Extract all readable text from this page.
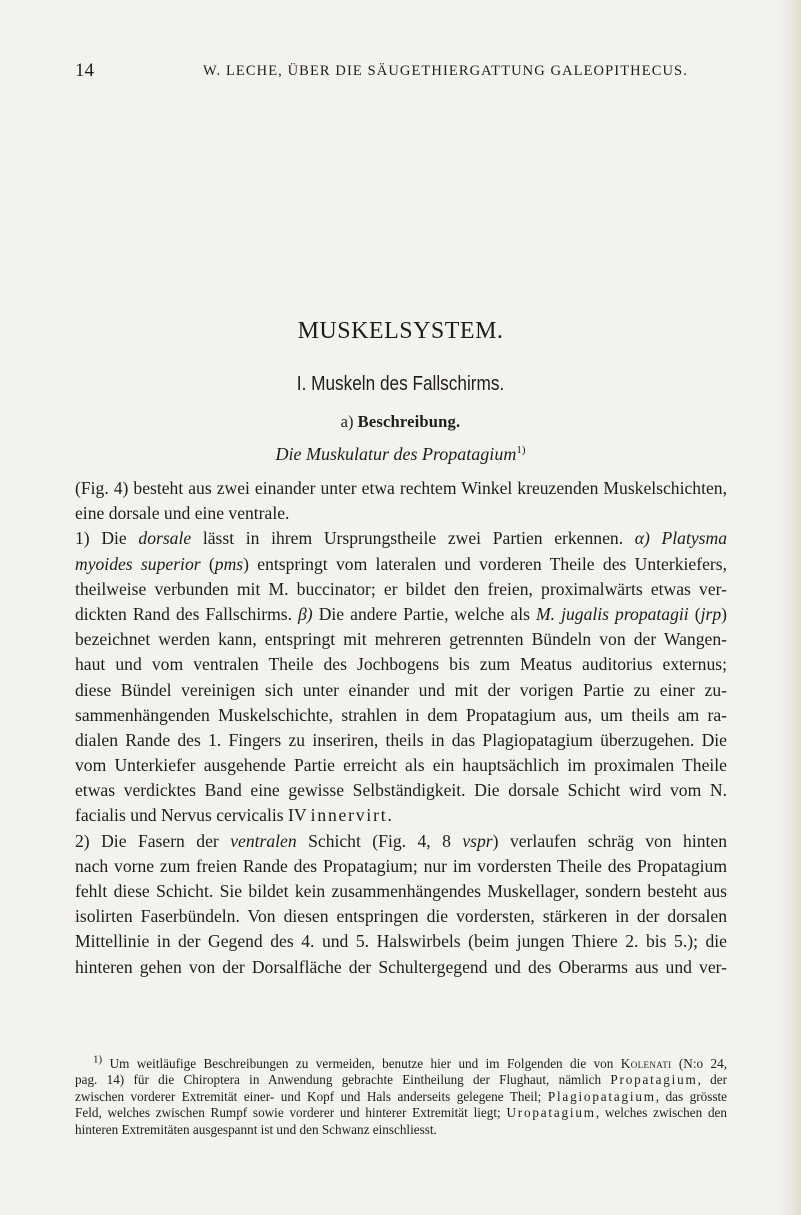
14	W. LECHE, ÜBER DIE SÄUGETHIERGATTUNG GALEOPITHECUS.
MUSKELSYSTEM.
I. Muskeln des Fallschirms.
a) Beschreibung.
Die Muskulatur des Propatagium$^{1)}$
(Fig. 4) besteht aus zwei einander unter etwa rechtem Winkel kreuzenden Muskelschichten,
eine dorsale und eine ventrale.
1) Die dorsale lässt in ihrem Ursprungstheile zwei Partien erkennen. α) Platysma
myoides superior (pms) entspringt vom lateralen und vorderen Theile des Unterkiefers,
theilweise verbunden mit M. buccinator; er bildet den freien, proximalwärts etwas ver-
dickten Rand des Fallschirms. β) Die andere Partie, welche als M. jugalis propatagii (jrp)
bezeichnet werden kann, entspringt mit mehreren getrennten Bündeln von der Wangen-
haut und vom ventralen Theile des Jochbogens bis zum Meatus auditorius externus;
diese Bündel vereinigen sich unter einander und mit der vorigen Partie zu einer zu-
sammenhängenden Muskelschichte, strahlen in dem Propatagium aus, um theils am ra-
dialen Rande des 1. Fingers zu inseriren, theils in das Plagiopatagium überzugehen. Die
vom Unterkiefer ausgehende Partie erreicht als ein hauptsächlich im proximalen Theile
etwas verdicktes Band eine gewisse Selbständigkeit. Die dorsale Schicht wird vom N.
facialis und Nervus cervicalis IV innervirt.
2) Die Fasern der ventralen Schicht (Fig. 4, 8 vspr) verlaufen schräg von hinten
nach vorne zum freien Rande des Propatagium; nur im vordersten Theile des Propatagium
fehlt diese Schicht. Sie bildet kein zusammenhängendes Muskellager, sondern besteht aus
isolirten Faserbündeln. Von diesen entspringen die vordersten, stärkeren in der dorsalen
Mittellinie in der Gegend des 4. und 5. Halswirbels (beim jungen Thiere 2. bis 5.); die
hinteren gehen von der Dorsalfläche der Schultergegend und des Oberarms aus und ver-
$^{1)}$ Um weitläufige Beschreibungen zu vermeiden, benutze hier und im Folgenden die von Kolenati (N:o 24,
pag. 14) für die Chiroptera in Anwendung gebrachte Eintheilung der Flughaut, nämlich Propatagium, der
zwischen vorderer Extremität einer- und Kopf und Hals anderseits gelegene Theil; Plagiopatagium, das grösste
Feld, welches zwischen Rumpf sowie vorderer und hinterer Extremität liegt; Uropatagium, welches zwischen den
hinteren Extremitäten ausgespannt ist und den Schwanz einschliesst.
